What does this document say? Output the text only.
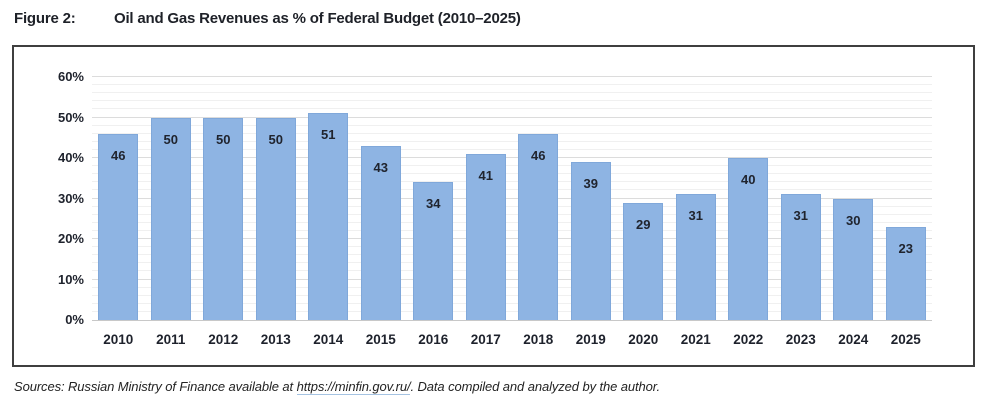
Figure 2:	Oil and Gas Revenues as % of Federal Budget (2010–2025)
46
50	50	50	51
43
34
41
46
39
29
31
40
31	30
23
0%
10%
20%
30%
40%
50%
60%
2010	2011	2012	2013	2014	2015	2016	2017	2018	2019	2020	2021	2022	2023	2024	2025
Sources: Russian Ministry of Finance available at https://minfin.gov.ru/. Data compiled and analyzed by the author.
